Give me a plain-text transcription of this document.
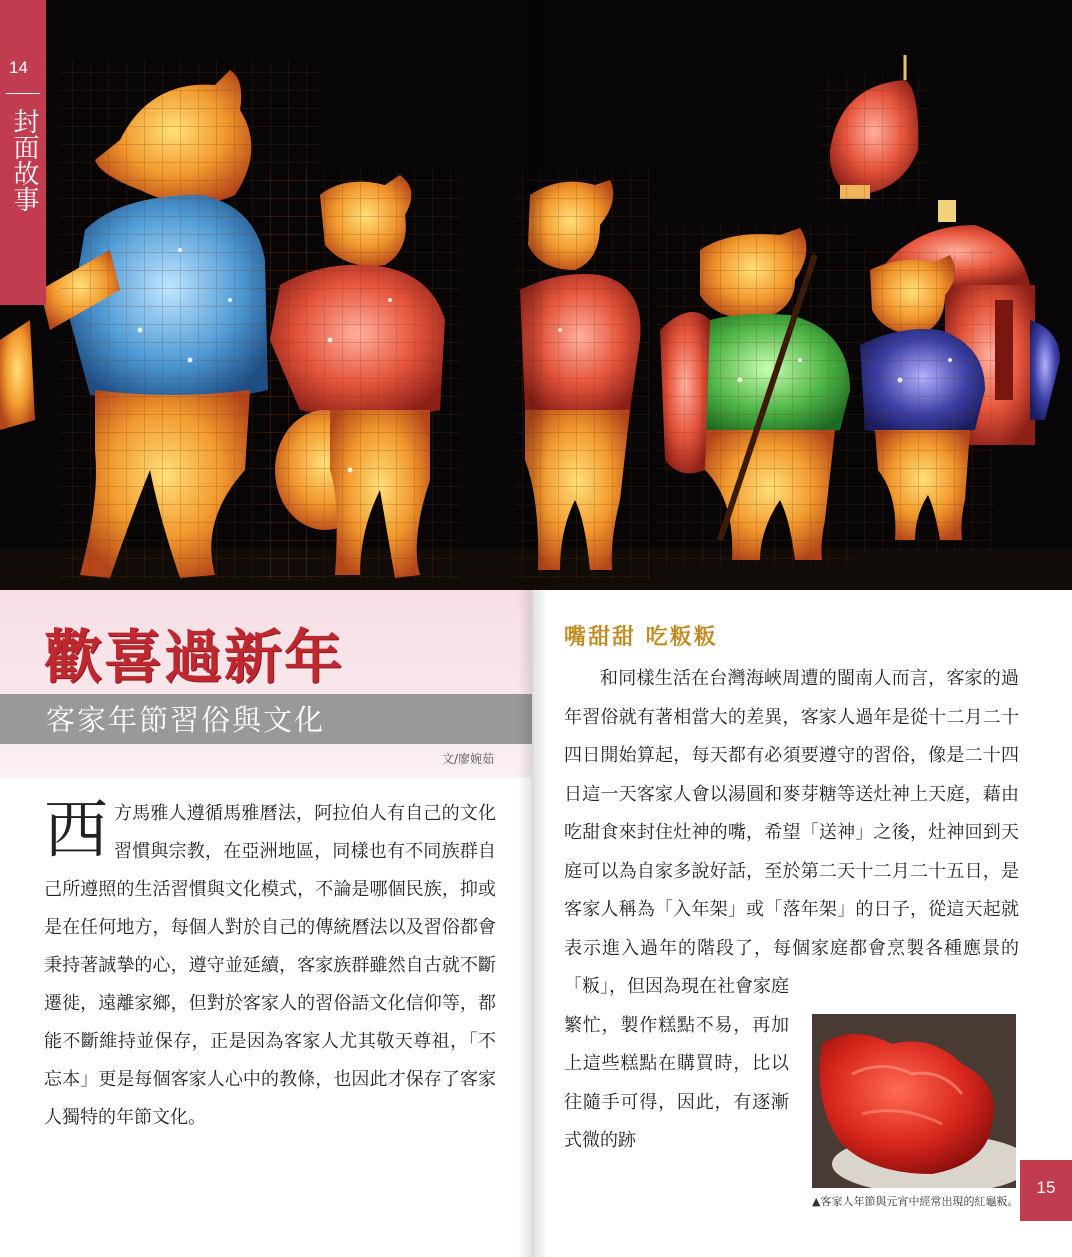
14
封面故事
歡喜過新年
客家年節習俗與文化
文/廖婉茹
西方馬雅人遵循馬雅曆法，阿拉伯人有自己的文化習慣與宗教，在亞洲地區，同樣也有不同族群自己所遵照的生活習慣與文化模式，不論是哪個民族，抑或是在任何地方，每個人對於自己的傳統曆法以及習俗都會秉持著誠摯的心，遵守並延續，客家族群雖然自古就不斷遷徙，遠離家鄉，但對於客家人的習俗語文化信仰等，都能不斷維持並保存，正是因為客家人尤其敬天尊祖，「不忘本」更是每個客家人心中的教條，也因此才保存了客家人獨特的年節文化。
嘴甜甜 吃粄粄

和同樣生活在台灣海峽周遭的閩南人而言，客家的過年習俗就有著相當大的差異，客家人過年是從十二月二十四日開始算起，每天都有必須要遵守的習俗，像是二十四日這一天客家人會以湯圓和麥芽糖等送灶神上天庭，藉由吃甜食來封住灶神的嘴，希望「送神」之後，灶神回到天庭可以為自家多說好話，至於第二天十二月二十五日，是客家人稱為「入年架」或「落年架」的日子，從這天起就表示進入過年的階段了，每個家庭都會烹製各種應景的「粄」，但因為現在社會家庭繁忙，製作糕點不易，再加上這些糕點在購買時，比以往隨手可得，因此，有逐漸式微的跡

▲客家人年節與元宵中經常出現的紅龜粄。
15
